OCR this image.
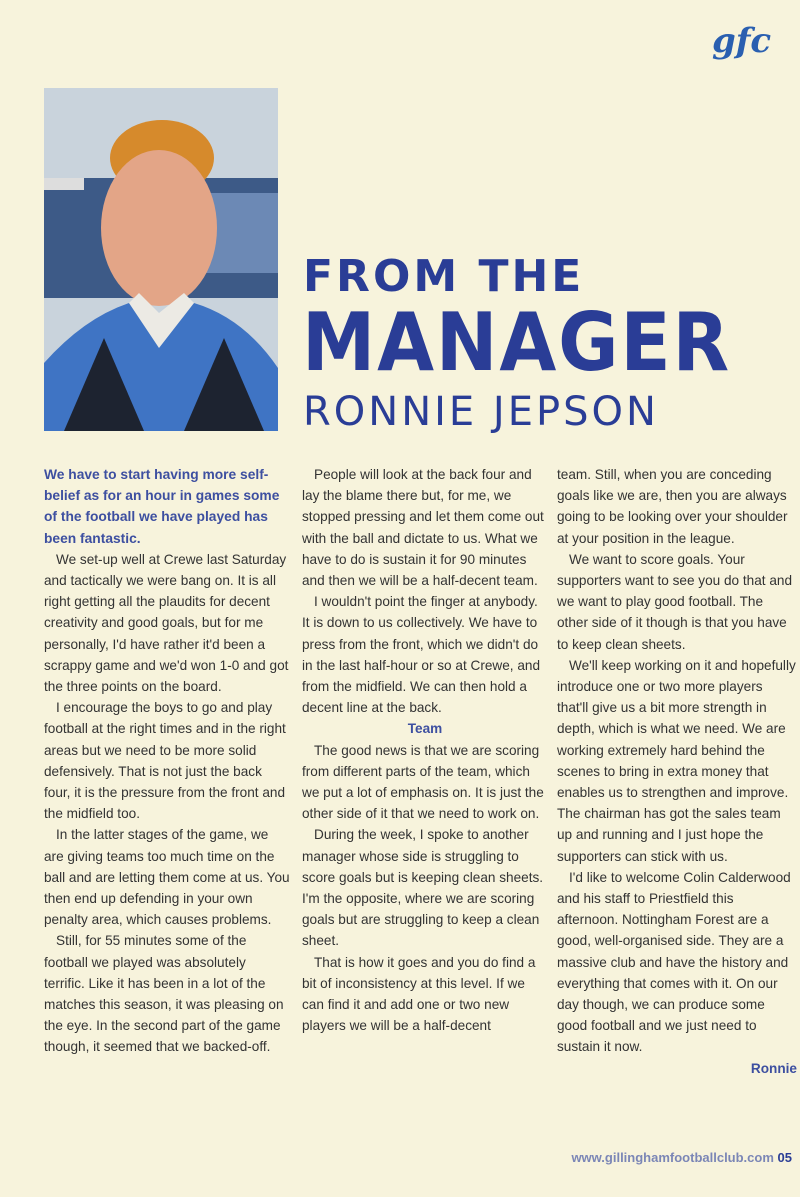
gfc
FROM THE
MANAGER
RONNIE JEPSON

We have to start having more self-belief as for an hour in games some of the football we have played has been fantastic.

We set-up well at Crewe last Saturday and tactically we were bang on. It is all right getting all the plaudits for decent creativity and good goals, but for me personally, I'd have rather it'd been a scrappy game and we'd won 1-0 and got the three points on the board.

I encourage the boys to go and play football at the right times and in the right areas but we need to be more solid defensively. That is not just the back four, it is the pressure from the front and the midfield too.

In the latter stages of the game, we are giving teams too much time on the ball and are letting them come at us. You then end up defending in your own penalty area, which causes problems.

Still, for 55 minutes some of the football we played was absolutely terrific. Like it has been in a lot of the matches this season, it was pleasing on the eye. In the second part of the game though, it seemed that we backed-off.

People will look at the back four and lay the blame there but, for me, we stopped pressing and let them come out with the ball and dictate to us. What we have to do is sustain it for 90 minutes and then we will be a half-decent team.

I wouldn't point the finger at anybody. It is down to us collectively. We have to press from the front, which we didn't do in the last half-hour or so at Crewe, and from the midfield. We can then hold a decent line at the back.

Team

The good news is that we are scoring from different parts of the team, which we put a lot of emphasis on. It is just the other side of it that we need to work on.

During the week, I spoke to another manager whose side is struggling to score goals but is keeping clean sheets. I'm the opposite, where we are scoring goals but are struggling to keep a clean sheet.

That is how it goes and you do find a bit of inconsistency at this level. If we can find it and add one or two new players we will be a half-decent

team. Still, when you are conceding goals like we are, then you are always going to be looking over your shoulder at your position in the league.

We want to score goals. Your supporters want to see you do that and we want to play good football. The other side of it though is that you have to keep clean sheets.

We'll keep working on it and hopefully introduce one or two more players that'll give us a bit more strength in depth, which is what we need. We are working extremely hard behind the scenes to bring in extra money that enables us to strengthen and improve. The chairman has got the sales team up and running and I just hope the supporters can stick with us.

I'd like to welcome Colin Calderwood and his staff to Priestfield this afternoon. Nottingham Forest are a good, well-organised side. They are a massive club and have the history and everything that comes with it. On our day though, we can produce some good football and we just need to sustain it now.

Ronnie

www.gillinghamfootballclub.com 05
